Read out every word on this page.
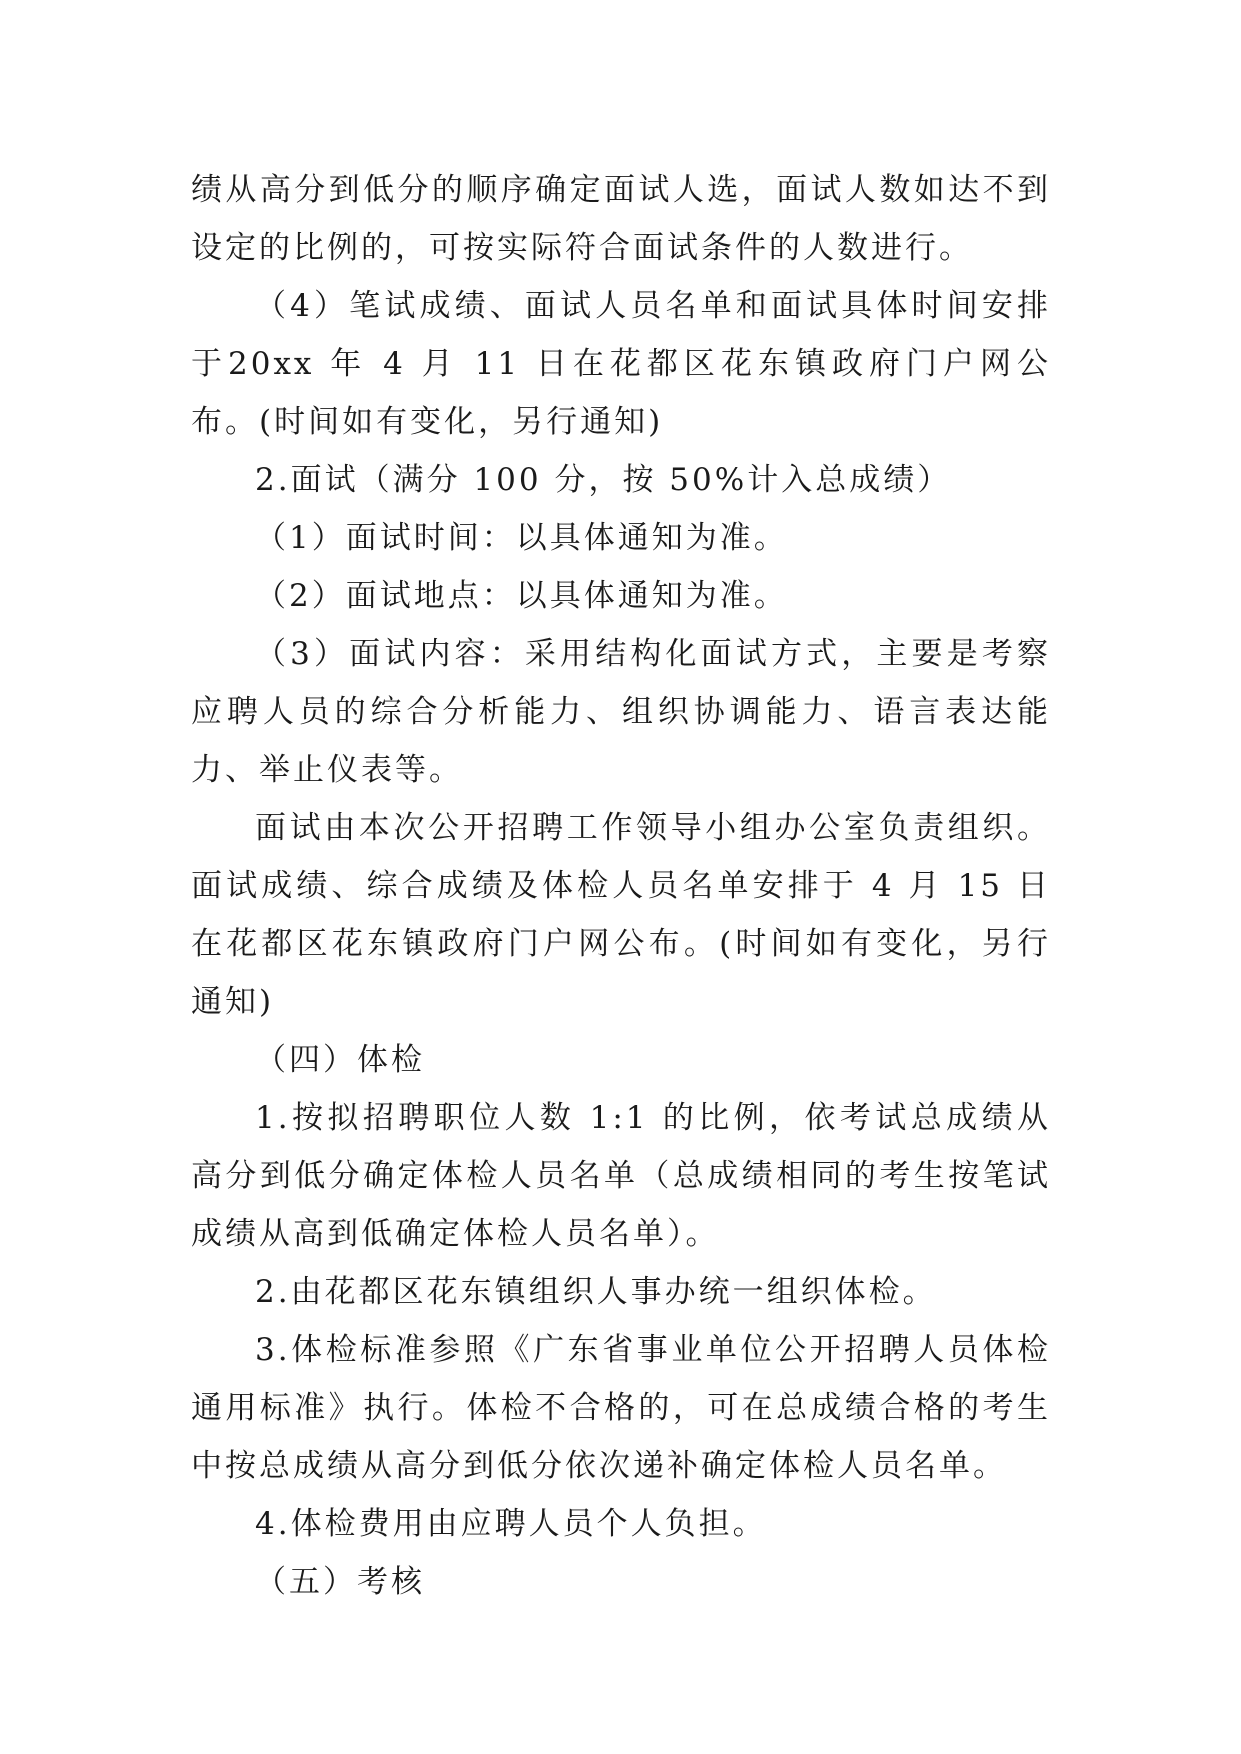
绩从高分到低分的顺序确定面试人选，面试人数如达不到设定的比例的，可按实际符合面试条件的人数进行。

（4）笔试成绩、面试人员名单和面试具体时间安排于20xx 年 4 月 11 日在花都区花东镇政府门户网公布。(时间如有变化，另行通知)

2.面试（满分 100 分，按 50%计入总成绩）

（1）面试时间：以具体通知为准。

（2）面试地点：以具体通知为准。

（3）面试内容：采用结构化面试方式，主要是考察应聘人员的综合分析能力、组织协调能力、语言表达能力、举止仪表等。

面试由本次公开招聘工作领导小组办公室负责组织。面试成绩、综合成绩及体检人员名单安排于 4 月 15 日在花都区花东镇政府门户网公布。(时间如有变化，另行通知)

（四）体检

1.按拟招聘职位人数 1:1 的比例，依考试总成绩从高分到低分确定体检人员名单（总成绩相同的考生按笔试成绩从高到低确定体检人员名单）。

2.由花都区花东镇组织人事办统一组织体检。

3.体检标准参照《广东省事业单位公开招聘人员体检通用标准》执行。体检不合格的，可在总成绩合格的考生中按总成绩从高分到低分依次递补确定体检人员名单。

4.体检费用由应聘人员个人负担。

（五）考核
